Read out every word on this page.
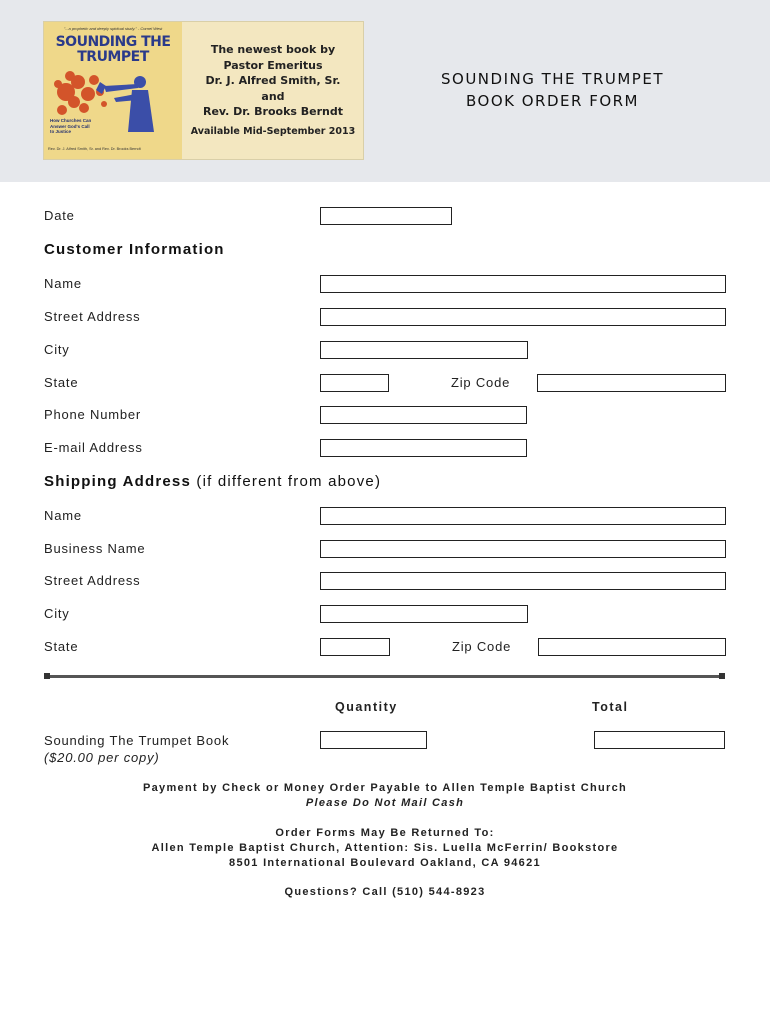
"...a prophetic and deeply spiritual study." - Cornel West
SOUNDING THE
TRUMPET
How Churches Can Answer God's Call to Justice
Rev. Dr. J. Alfred Smith, Sr. and Rev. Dr. Brooks Berndt
The newest book by
Pastor Emeritus
Dr. J. Alfred Smith, Sr.
and
Rev. Dr. Brooks Berndt
Available Mid-September 2013
SOUNDING THE TRUMPET
BOOK ORDER FORM
Date
Customer Information
Name
Street Address
City
State	Zip Code
Phone Number
E-mail Address
Shipping Address (if different from above)
Name
Business Name
Street Address
City
State	Zip Code
Quantity	Total
Sounding The Trumpet Book
($20.00 per copy)
Payment by Check or Money Order Payable to Allen Temple Baptist Church
Please Do Not Mail Cash
Order Forms May Be Returned To:
Allen Temple Baptist Church, Attention: Sis. Luella McFerrin/ Bookstore
8501 International Boulevard Oakland, CA 94621
Questions? Call (510) 544-8923
